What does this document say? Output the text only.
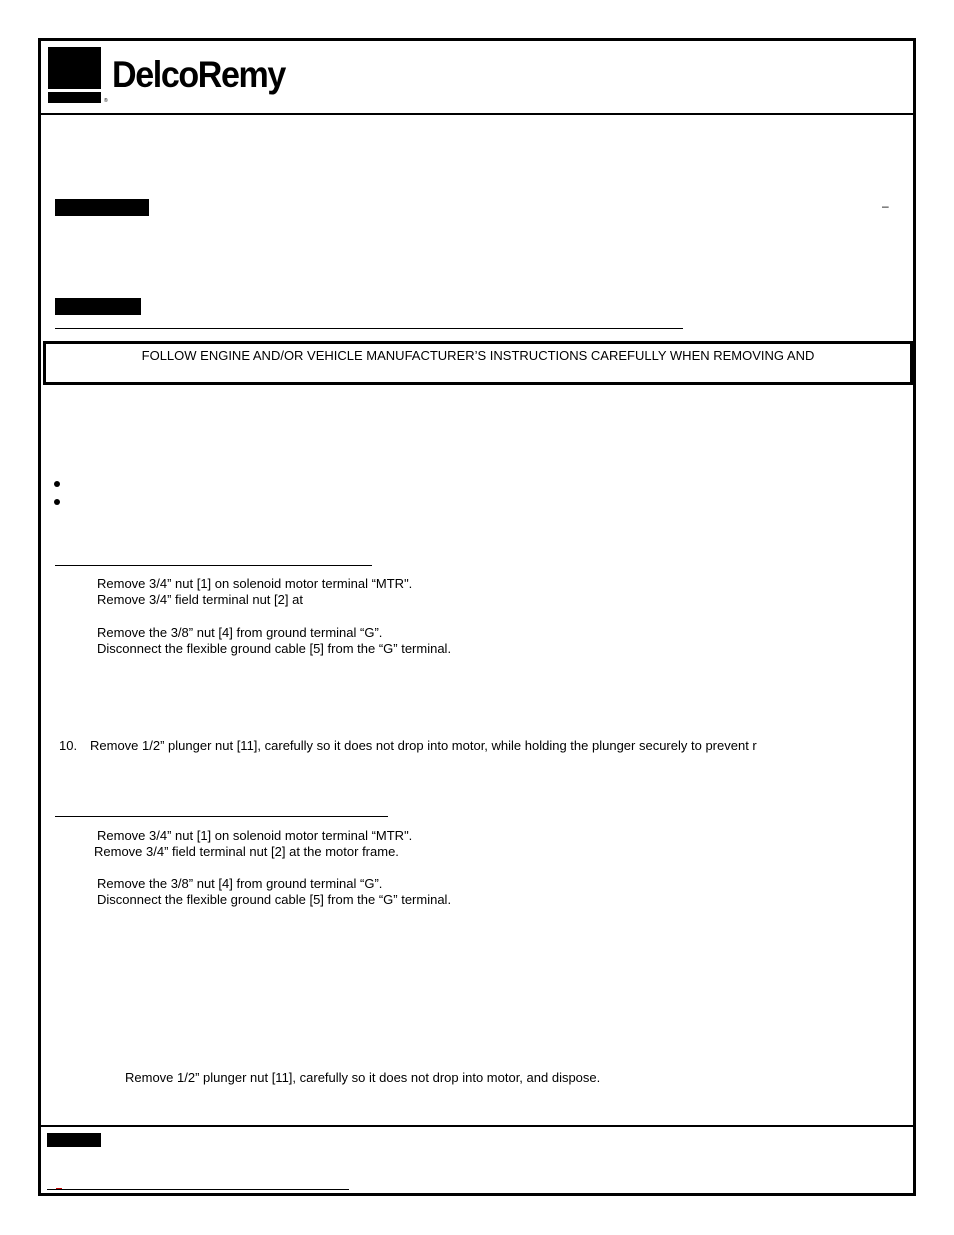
DelcoRemy
®
–
FOLLOW ENGINE AND/OR VEHICLE MANUFACTURER’S INSTRUCTIONS CAREFULLY WHEN REMOVING AND
Remove 3/4” nut [1] on solenoid motor terminal “MTR".
Remove 3/4” field terminal nut [2] at
Remove the 3/8” nut [4] from ground terminal “G”.
Disconnect the flexible ground cable [5] from the “G” terminal.
10. Remove 1/2” plunger nut [11], carefully so it does not drop into motor, while holding the plunger securely to prevent r
Remove 3/4” nut [1] on solenoid motor terminal “MTR".
Remove 3/4” field terminal nut [2] at the motor frame.
Remove the 3/8” nut [4] from ground terminal “G”.
Disconnect the flexible ground cable [5] from the “G” terminal.
Remove 1/2” plunger nut [11], carefully so it does not drop into motor, and dispose.
